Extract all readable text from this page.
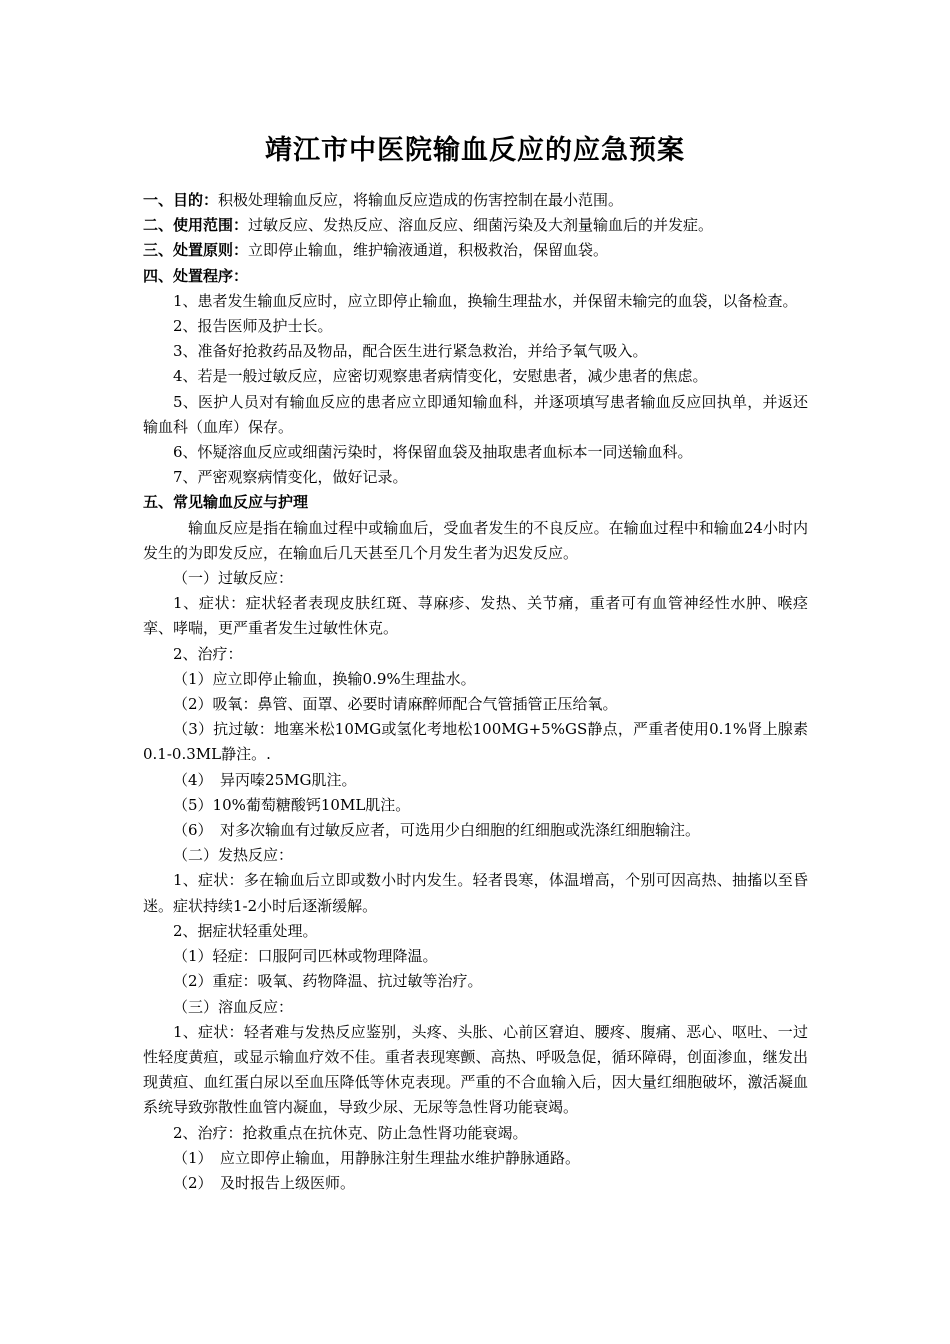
靖江市中医院输血反应的应急预案

一、目的：积极处理输血反应，将输血反应造成的伤害控制在最小范围。

二、使用范围：过敏反应、发热反应、溶血反应、细菌污染及大剂量输血后的并发症。

三、处置原则：立即停止输血，维护输液通道，积极救治，保留血袋。

四、处置程序：

1、患者发生输血反应时，应立即停止输血，换输生理盐水，并保留未输完的血袋，以备检查。

2、报告医师及护士长。

3、准备好抢救药品及物品，配合医生进行紧急救治，并给予氧气吸入。

4、若是一般过敏反应，应密切观察患者病情变化，安慰患者，减少患者的焦虑。

5、医护人员对有输血反应的患者应立即通知输血科，并逐项填写患者输血反应回执单，并返还输血科（血库）保存。

6、怀疑溶血反应或细菌污染时，将保留血袋及抽取患者血标本一同送输血科。

7、严密观察病情变化，做好记录。

五、常见输血反应与护理

输血反应是指在输血过程中或输血后，受血者发生的不良反应。在输血过程中和输血24小时内发生的为即发反应，在输血后几天甚至几个月发生者为迟发反应。

（一）过敏反应：

1、症状：症状轻者表现皮肤红斑、荨麻疹、发热、关节痛，重者可有血管神经性水肿、喉痉挛、哮喘，更严重者发生过敏性休克。

2、治疗：

（1）应立即停止输血，换输0.9%生理盐水。

（2）吸氧：鼻管、面罩、必要时请麻醉师配合气管插管正压给氧。

（3）抗过敏：地塞米松10MG或氢化考地松100MG+5%GS静点，严重者使用0.1%肾上腺素0.1-0.3ML静注。.

（4）　异丙嗪25MG肌注。

（5）10%葡萄糖酸钙10ML肌注。

（6）　对多次输血有过敏反应者，可选用少白细胞的红细胞或洗涤红细胞输注。

（二）发热反应：

1、症状：多在输血后立即或数小时内发生。轻者畏寒，体温增高，个别可因高热、抽搐以至昏迷。症状持续1-2小时后逐渐缓解。

2、据症状轻重处理。

（1）轻症：口服阿司匹林或物理降温。

（2）重症：吸氧、药物降温、抗过敏等治疗。

（三）溶血反应：

1、症状：轻者难与发热反应鉴别，头疼、头胀、心前区窘迫、腰疼、腹痛、恶心、呕吐、一过性轻度黄疸，或显示输血疗效不佳。重者表现寒颤、高热、呼吸急促，循环障碍，创面渗血，继发出现黄疸、血红蛋白尿以至血压降低等休克表现。严重的不合血输入后，因大量红细胞破坏，激活凝血系统导致弥散性血管内凝血，导致少尿、无尿等急性肾功能衰竭。

2、治疗：抢救重点在抗休克、防止急性肾功能衰竭。

（1）　应立即停止输血，用静脉注射生理盐水维护静脉通路。

（2）　及时报告上级医师。
